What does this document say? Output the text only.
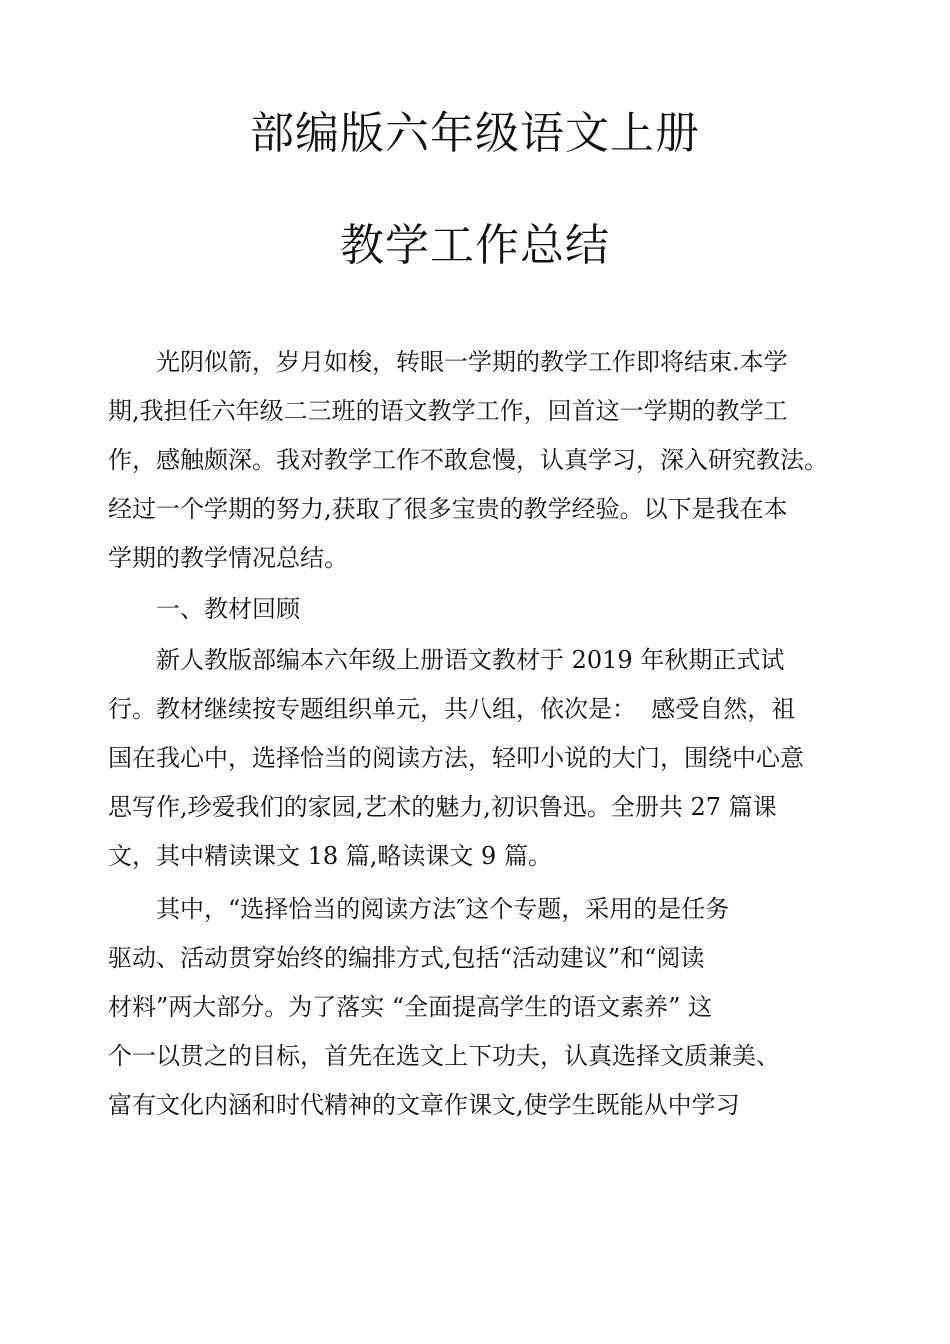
部编版六年级语文上册
教学工作总结
　　光阴似箭，岁月如梭，转眼一学期的教学工作即将结束.本学
期,我担任六年级二三班的语文教学工作，回首这一学期的教学工
作，感触颇深。我对教学工作不敢怠慢，认真学习，深入研究教法。
经过一个学期的努力,获取了很多宝贵的教学经验。以下是我在本
学期的教学情况总结。
　　一、教材回顾
　　新人教版部编本六年级上册语文教材于 2019 年秋期正式试
行。教材继续按专题组织单元，共八组，依次是：  感受自然，祖
国在我心中，选择恰当的阅读方法，轻叩小说的大门，围绕中心意
思写作,珍爱我们的家园,艺术的魅力,初识鲁迅。全册共 27 篇课
文，其中精读课文 18 篇,略读课文 9 篇。
　　其中，“选择恰当的阅读方法″这个专题，采用的是任务
驱动、活动贯穿始终的编排方式,包括“活动建议”和“阅读
材料”两大部分。为了落实 “全面提高学生的语文素养” 这
个一以贯之的目标，首先在选文上下功夫，认真选择文质兼美、
富有文化内涵和时代精神的文章作课文,使学生既能从中学习
